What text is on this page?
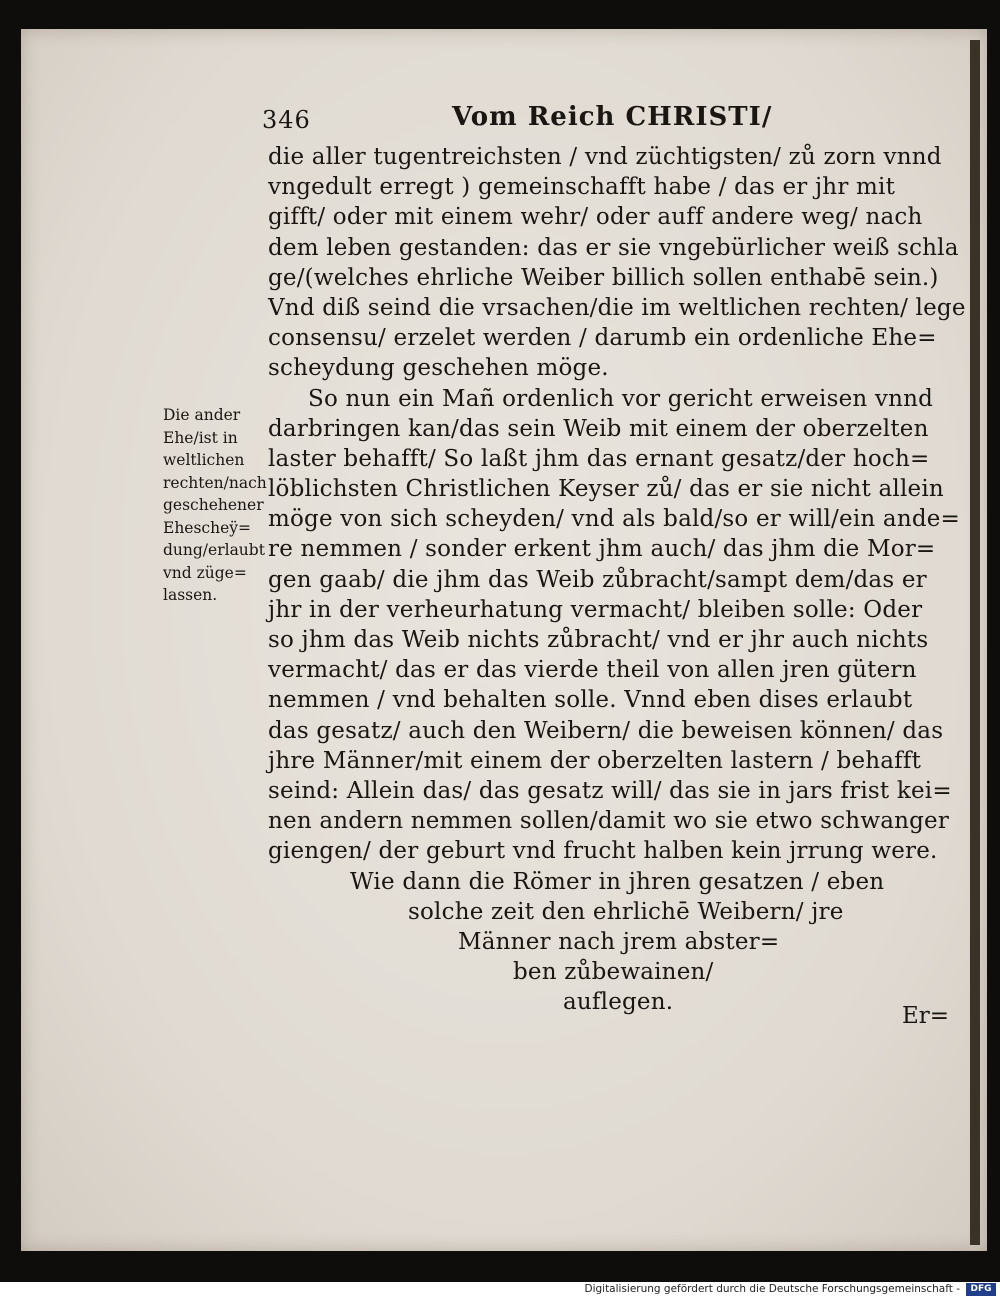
346	Vom Reich CHRISTI/
die aller tugentreichsten / vnd züchtigsten/ zů zorn vnnd
vngedult erregt ) gemeinschafft habe / das er jhr mit
gifft/ oder mit einem wehr/ oder auff andere weg/ nach
dem leben gestanden: das er sie vngebürlicher weiß schla
ge/(welches ehrliche Weiber billich sollen enthabē sein.)
Vnd diß seind die vrsachen/die im weltlichen rechten/ lege
consensu/ erzelet werden / darumb ein ordenliche Ehe=
scheydung geschehen möge.
So nun ein Mañ ordenlich vor gericht erweisen vnnd
darbringen kan/das sein Weib mit einem der oberzelten
laster behafft/ So laßt jhm das ernant gesatz/der hoch=
löblichsten Christlichen Keyser zů/ das er sie nicht allein
möge von sich scheyden/ vnd als bald/so er will/ein ande=
re nemmen / sonder erkent jhm auch/ das jhm die Mor=
gen gaab/ die jhm das Weib zůbracht/sampt dem/das er
jhr in der verheurhatung vermacht/ bleiben solle: Oder
so jhm das Weib nichts zůbracht/ vnd er jhr auch nichts
vermacht/ das er das vierde theil von allen jren gütern
nemmen / vnd behalten solle. Vnnd eben dises erlaubt
das gesatz/ auch den Weibern/ die beweisen können/ das
jhre Männer/mit einem der oberzelten lastern / behafft
seind: Allein das/ das gesatz will/ das sie in jars frist kei=
nen andern nemmen sollen/damit wo sie etwo schwanger
giengen/ der geburt vnd frucht halben kein jrrung were.
Wie dann die Römer in jhren gesatzen / eben
solche zeit den ehrlichē Weibern/ jre
Männer nach jrem abster=
ben zůbewainen/
auflegen.
Die ander
Ehe/ist in
weltlichen
rechten/nach
geschehener
Ehescheÿ=
dung/erlaubt
vnd züge=
lassen.
Er=
Digitalisierung gefördert durch die Deutsche Forschungsgemeinschaft -	DFG
